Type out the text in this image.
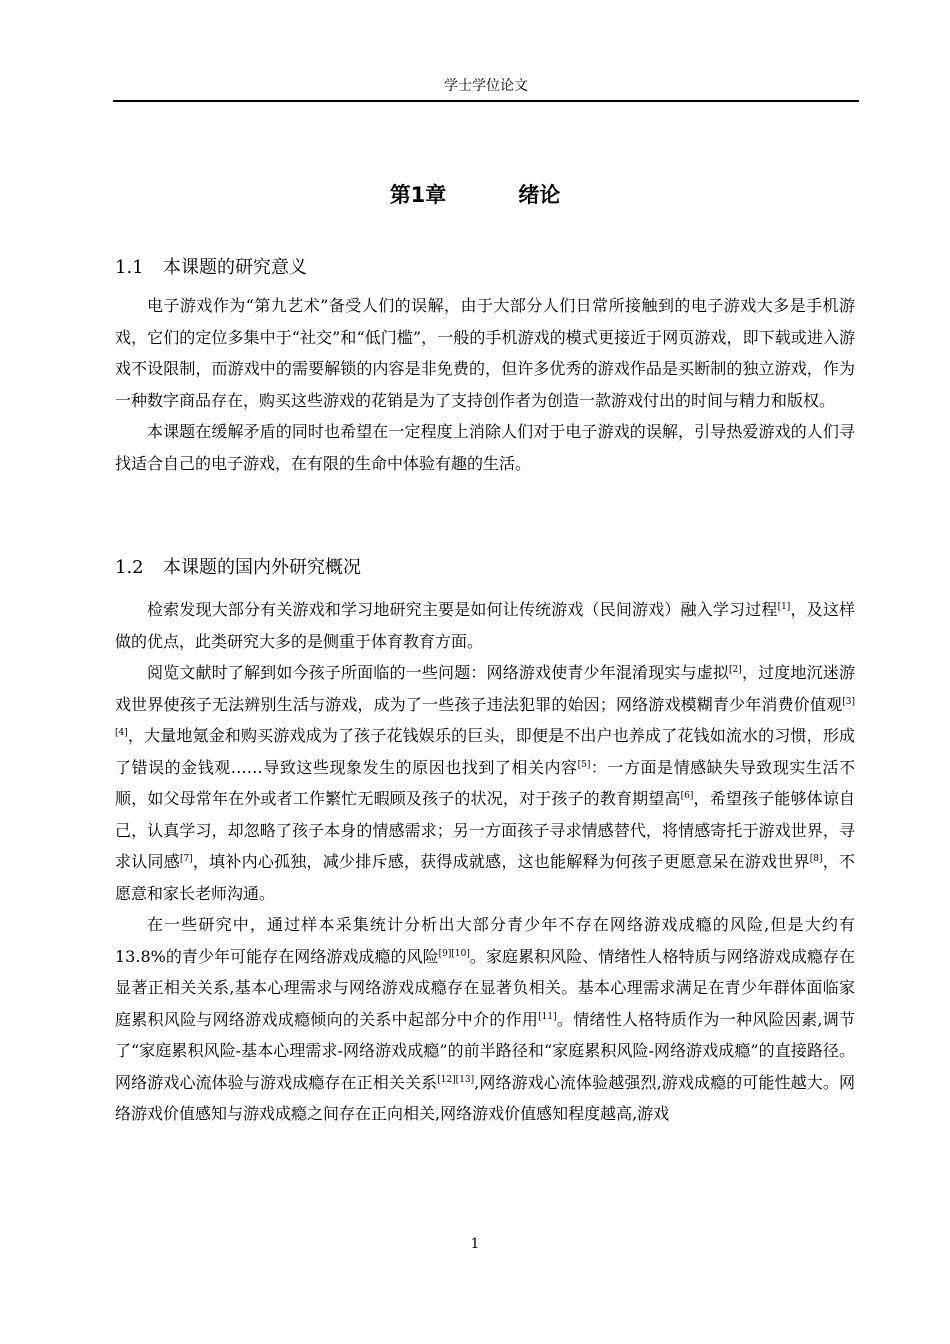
学士学位论文
第1章	绪论
1.1 本课题的研究意义

电子游戏作为“第九艺术”备受人们的误解，由于大部分人们日常所接触到的电子游戏大多是手机游戏，它们的定位多集中于“社交”和“低门槛”，一般的手机游戏的模式更接近于网页游戏，即下载或进入游戏不设限制，而游戏中的需要解锁的内容是非免费的，但许多优秀的游戏作品是买断制的独立游戏，作为一种数字商品存在，购买这些游戏的花销是为了支持创作者为创造一款游戏付出的时间与精力和版权。

本课题在缓解矛盾的同时也希望在一定程度上消除人们对于电子游戏的误解，引导热爱游戏的人们寻找适合自己的电子游戏，在有限的生命中体验有趣的生活。

1.2 本课题的国内外研究概况

检索发现大部分有关游戏和学习地研究主要是如何让传统游戏（民间游戏）融入学习过程[1]，及这样做的优点，此类研究大多的是侧重于体育教育方面。

阅览文献时了解到如今孩子所面临的一些问题：网络游戏使青少年混淆现实与虚拟[2]，过度地沉迷游戏世界使孩子无法辨别生活与游戏，成为了一些孩子违法犯罪的始因；网络游戏模糊青少年消费价值观[3][4]，大量地氪金和购买游戏成为了孩子花钱娱乐的巨头，即便是不出户也养成了花钱如流水的习惯，形成了错误的金钱观……导致这些现象发生的原因也找到了相关内容[5]：一方面是情感缺失导致现实生活不顺，如父母常年在外或者工作繁忙无暇顾及孩子的状况，对于孩子的教育期望高[6]，希望孩子能够体谅自己，认真学习，却忽略了孩子本身的情感需求；另一方面孩子寻求情感替代，将情感寄托于游戏世界，寻求认同感[7]，填补内心孤独，减少排斥感，获得成就感，这也能解释为何孩子更愿意呆在游戏世界[8]，不愿意和家长老师沟通。

在一些研究中，通过样本采集统计分析出大部分青少年不存在网络游戏成瘾的风险,但是大约有 13.8%的青少年可能存在网络游戏成瘾的风险[9][10]。家庭累积风险、情绪性人格特质与网络游戏成瘾存在显著正相关关系,基本心理需求与网络游戏成瘾存在显著负相关。基本心理需求满足在青少年群体面临家庭累积风险与网络游戏成瘾倾向的关系中起部分中介的作用[11]。情绪性人格特质作为一种风险因素,调节了“家庭累积风险-基本心理需求-网络游戏成瘾”的前半路径和“家庭累积风险-网络游戏成瘾”的直接路径。网络游戏心流体验与游戏成瘾存在正相关关系[12][13],网络游戏心流体验越强烈,游戏成瘾的可能性越大。网络游戏价值感知与游戏成瘾之间存在正向相关,网络游戏价值感知程度越高,游戏

1
